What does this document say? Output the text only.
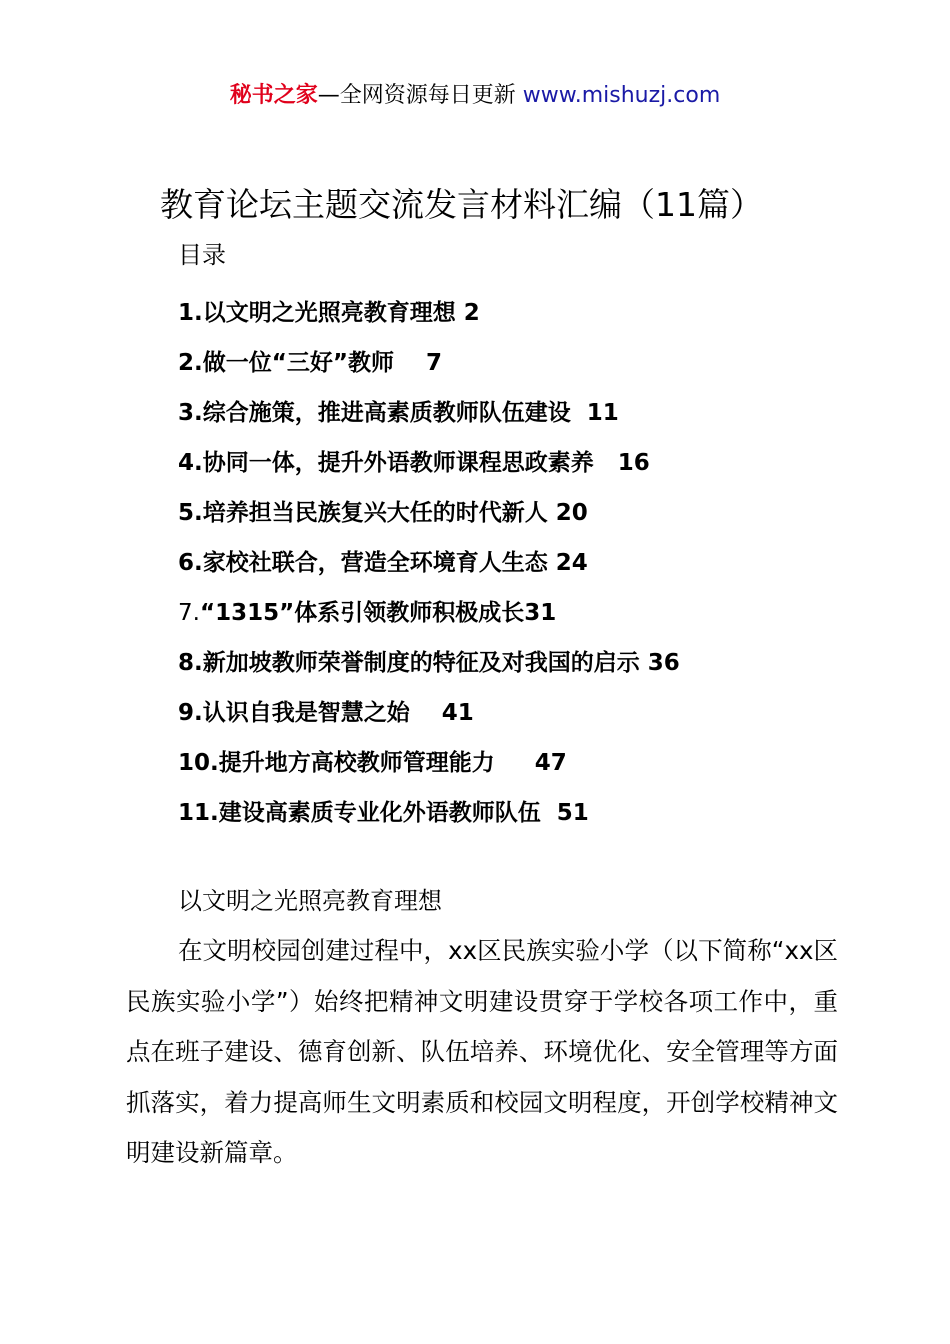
秘书之家—全网资源每日更新 www.mishuzj.com
教育论坛主题交流发言材料汇编（11篇）
目录
1.以文明之光照亮教育理想 2
2.做一位“三好”教师    7
3.综合施策，推进高素质教师队伍建设  11
4.协同一体，提升外语教师课程思政素养   16
5.培养担当民族复兴大任的时代新人 20
6.家校社联合，营造全环境育人生态 24
7.“1315”体系引领教师积极成长31
8.新加坡教师荣誉制度的特征及对我国的启示 36
9.认识自我是智慧之始    41
10.提升地方高校教师管理能力     47
11.建设高素质专业化外语教师队伍  51
以文明之光照亮教育理想

在文明校园创建过程中，xx区民族实验小学（以下简称“xx区民族实验小学”）始终把精神文明建设贯穿于学校各项工作中，重点在班子建设、德育创新、队伍培养、环境优化、安全管理等方面抓落实，着力提高师生文明素质和校园文明程度，开创学校精神文明建设新篇章。
